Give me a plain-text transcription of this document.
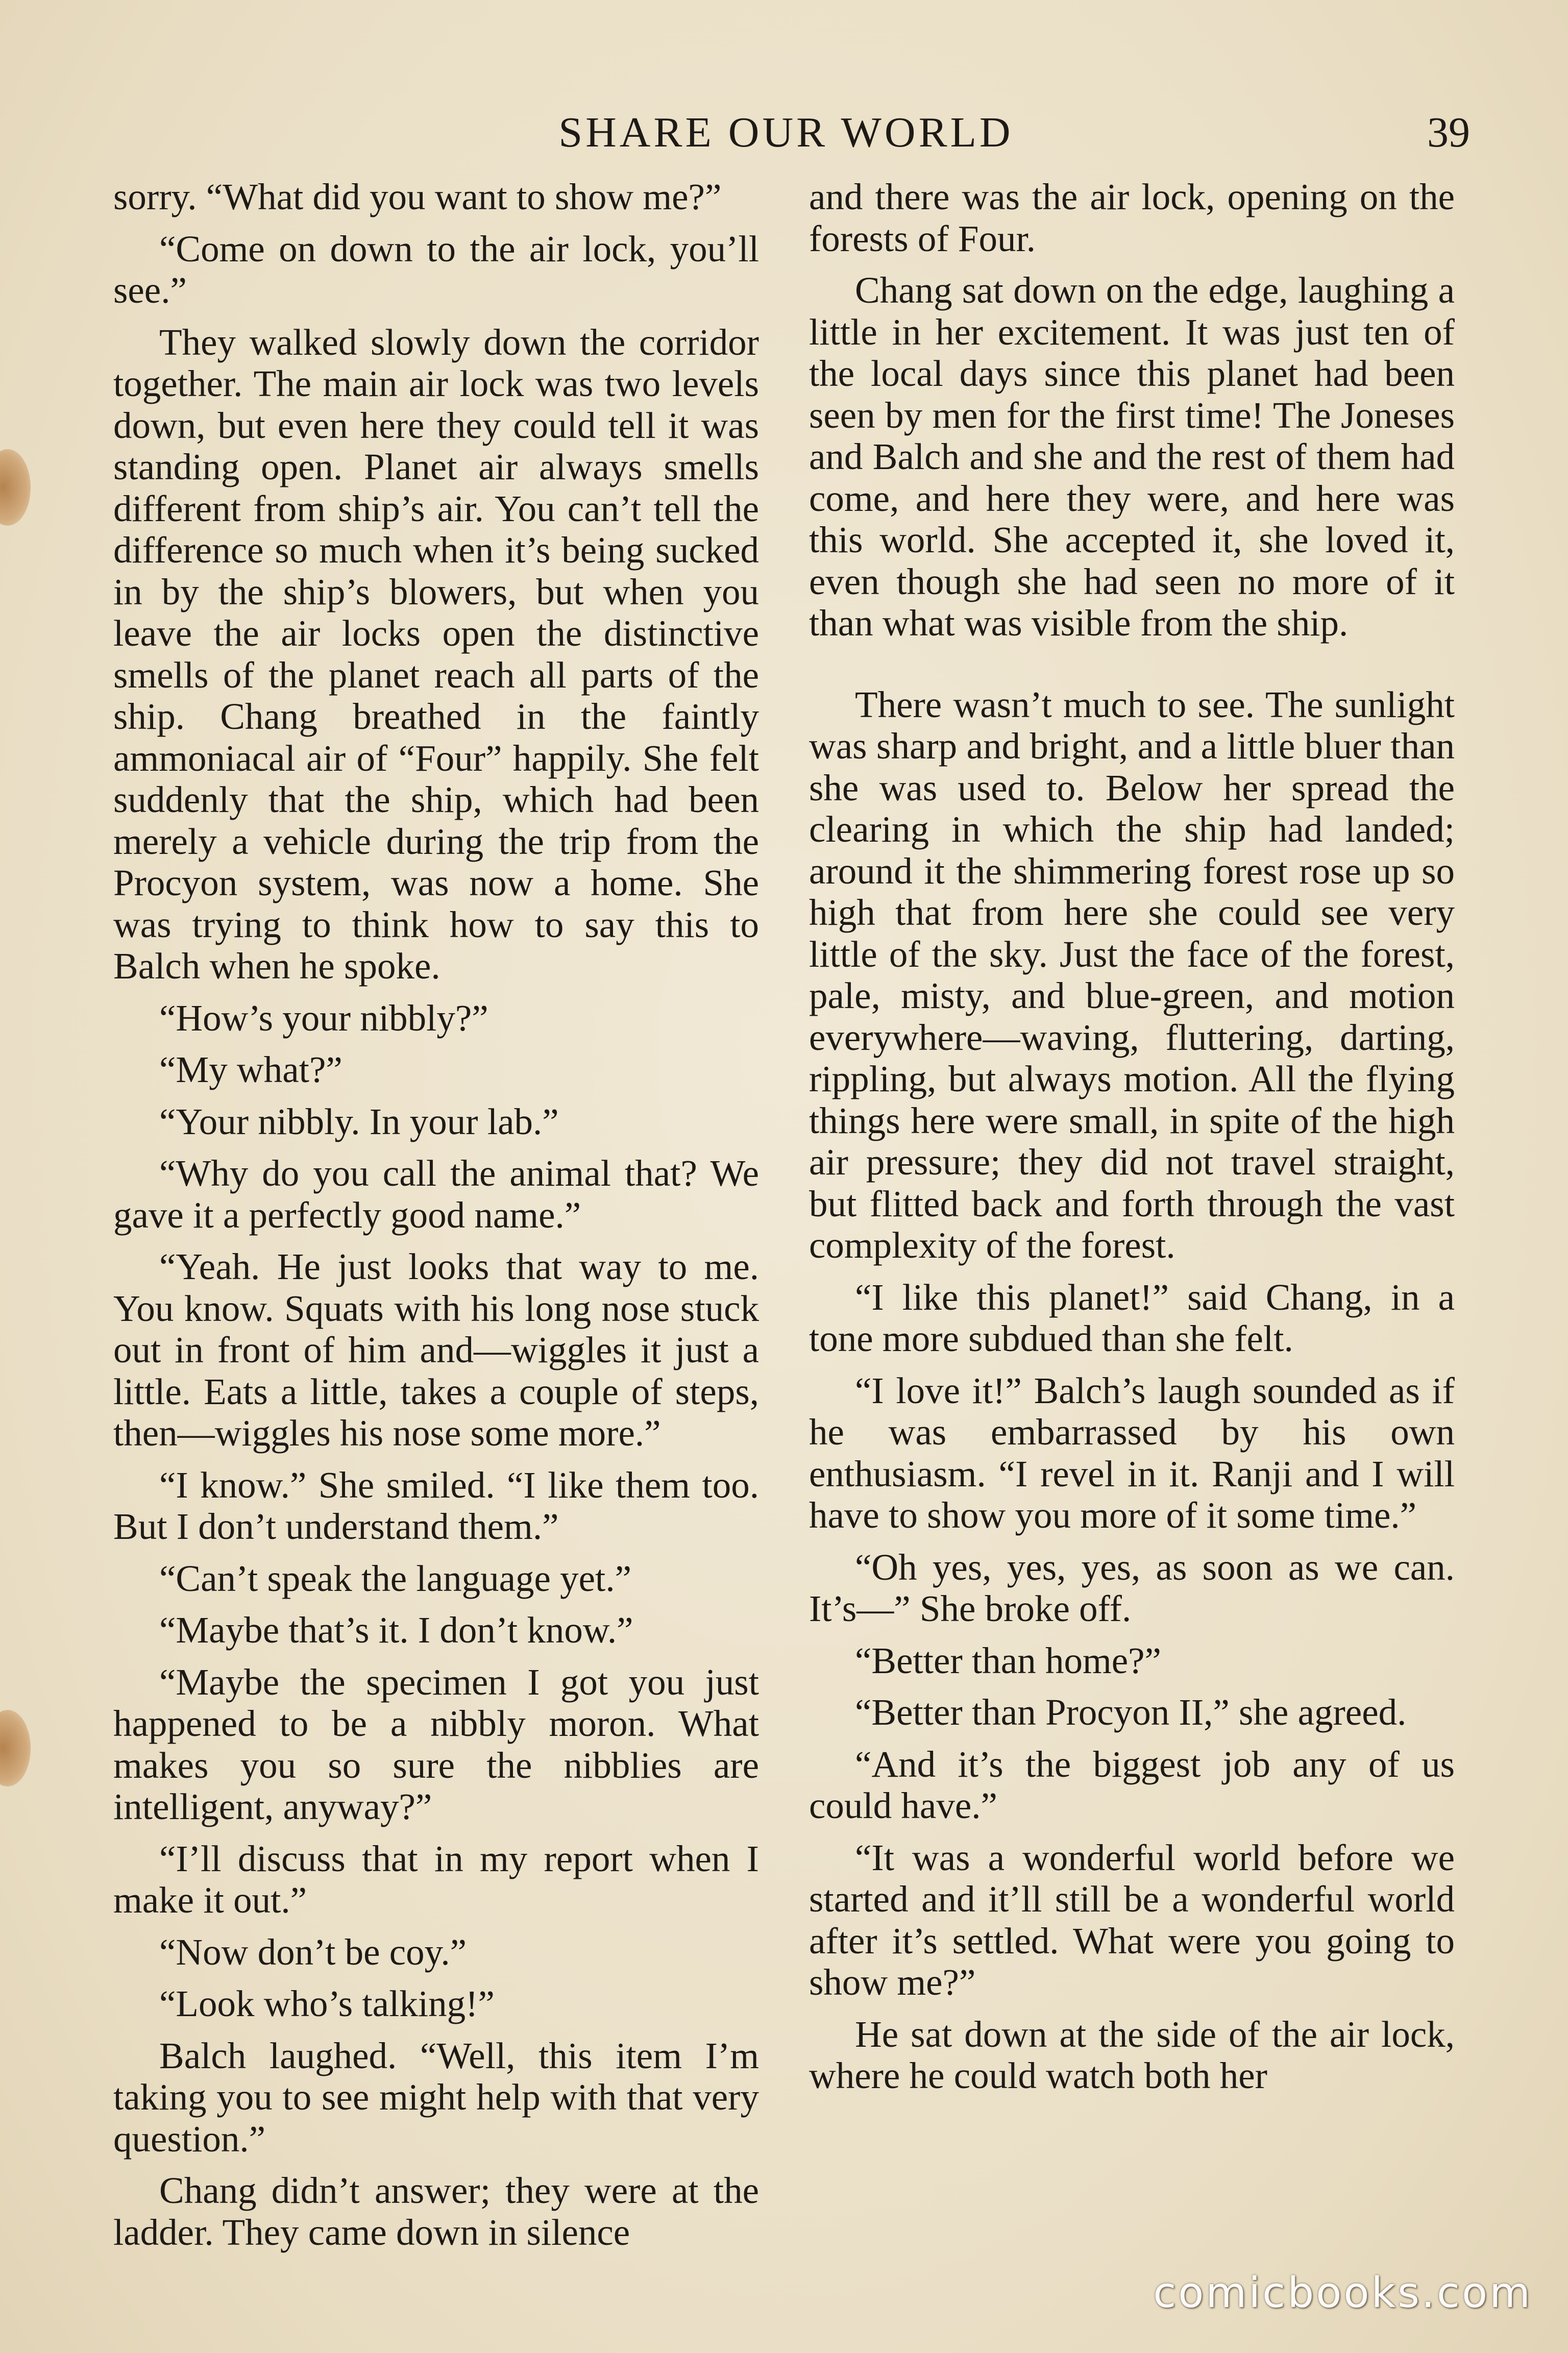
SHARE OUR WORLD	39

sorry. “What did you want to show me?”

“Come on down to the air lock, you’ll see.”

They walked slowly down the corridor together. The main air lock was two levels down, but even here they could tell it was standing open. Planet air always smells different from ship’s air. You can’t tell the difference so much when it’s being sucked in by the ship’s blowers, but when you leave the air locks open the distinctive smells of the planet reach all parts of the ship. Chang breathed in the faintly ammoniacal air of “Four” happily. She felt suddenly that the ship, which had been merely a vehicle during the trip from the Procyon system, was now a home. She was trying to think how to say this to Balch when he spoke.

“How’s your nibbly?”

“My what?”

“Your nibbly. In your lab.”

“Why do you call the animal that? We gave it a perfectly good name.”

“Yeah. He just looks that way to me. You know. Squats with his long nose stuck out in front of him and—wiggles it just a little. Eats a little, takes a couple of steps, then—wiggles his nose some more.”

“I know.” She smiled. “I like them too. But I don’t understand them.”

“Can’t speak the language yet.”

“Maybe that’s it. I don’t know.”

“Maybe the specimen I got you just happened to be a nibbly moron. What makes you so sure the nibblies are intelligent, anyway?”

“I’ll discuss that in my report when I make it out.”

“Now don’t be coy.”

“Look who’s talking!”

Balch laughed. “Well, this item I’m taking you to see might help with that very question.”

Chang didn’t answer; they were at the ladder. They came down in silence

and there was the air lock, opening on the forests of Four.

Chang sat down on the edge, laughing a little in her excitement. It was just ten of the local days since this planet had been seen by men for the first time! The Joneses and Balch and she and the rest of them had come, and here they were, and here was this world. She accepted it, she loved it, even though she had seen no more of it than what was visible from the ship.

There wasn’t much to see. The sunlight was sharp and bright, and a little bluer than she was used to. Below her spread the clearing in which the ship had landed; around it the shimmering forest rose up so high that from here she could see very little of the sky. Just the face of the forest, pale, misty, and blue-green, and motion everywhere—waving, fluttering, darting, rippling, but always motion. All the flying things here were small, in spite of the high air pressure; they did not travel straight, but flitted back and forth through the vast complexity of the forest.

“I like this planet!” said Chang, in a tone more subdued than she felt.

“I love it!” Balch’s laugh sounded as if he was embarrassed by his own enthusiasm. “I revel in it. Ranji and I will have to show you more of it some time.”

“Oh yes, yes, yes, as soon as we can. It’s—” She broke off.

“Better than home?”

“Better than Procyon II,” she agreed.

“And it’s the biggest job any of us could have.”

“It was a wonderful world before we started and it’ll still be a wonderful world after it’s settled. What were you going to show me?”

He sat down at the side of the air lock, where he could watch both her

comicbooks.com
